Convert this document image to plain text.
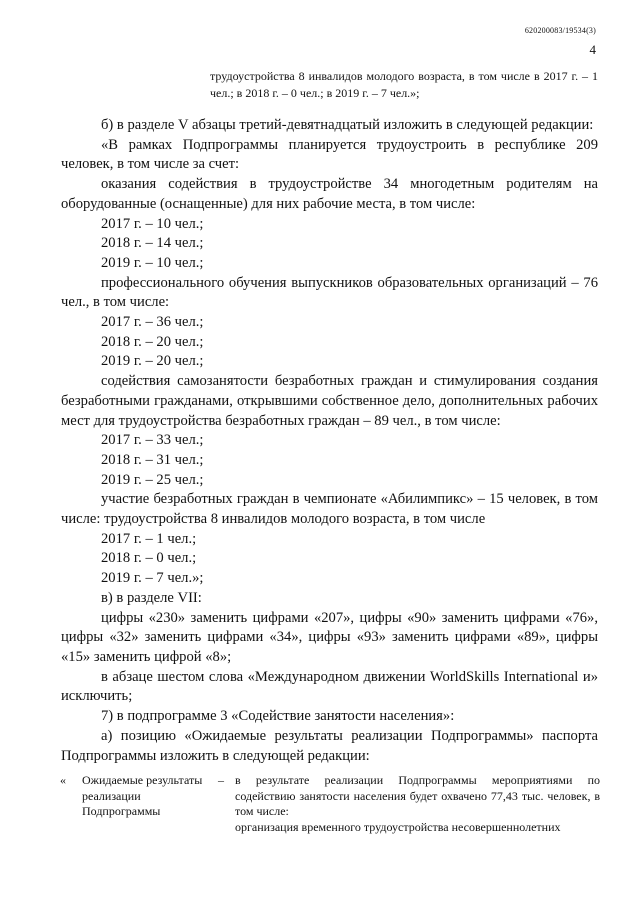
620200083/19534(3)
4
трудоустройства 8 инвалидов молодого возраста, в том числе в 2017 г. – 1 чел.; в 2018 г. – 0 чел.; в 2019 г. – 7 чел.»;

б) в разделе V абзацы третий-девятнадцатый изложить в следующей редакции:

«В рамках Подпрограммы планируется трудоустроить в республике 209 человек, в том числе за счет:

оказания содействия в трудоустройстве 34 многодетным родителям на оборудованные (оснащенные) для них рабочие места, в том числе:

2017 г. – 10 чел.;

2018 г. – 14 чел.;

2019 г. – 10 чел.;

профессионального обучения выпускников образовательных организаций – 76 чел., в том числе:

2017 г. – 36 чел.;

2018 г. – 20 чел.;

2019 г. – 20 чел.;

содействия самозанятости безработных граждан и стимулирования создания безработными гражданами, открывшими собственное дело, дополнительных рабочих мест для трудоустройства безработных граждан – 89 чел., в том числе:

2017 г. – 33 чел.;

2018 г. – 31 чел.;

2019 г. – 25 чел.;

участие безработных граждан в чемпионате «Абилимпикс» – 15 человек, в том числе: трудоустройства 8 инвалидов молодого возраста, в том числе

2017 г. – 1 чел.;

2018 г. – 0 чел.;

2019 г. – 7 чел.»;

в) в разделе VII:

цифры «230» заменить цифрами «207», цифры «90» заменить цифрами «76», цифры «32» заменить цифрами «34», цифры «93» заменить цифрами «89», цифры «15» заменить цифрой «8»;

в абзаце шестом слова «Международном движении WorldSkills International и» исключить;

7) в подпрограмме 3 «Содействие занятости населения»:

а) позицию «Ожидаемые результаты реализации Подпрограммы» паспорта Подпрограммы изложить в следующей редакции:

« Ожидаемые результаты реализации Подпрограммы
– в результате реализации Подпрограммы мероприятиями по содействию занятости населения будет охвачено 77,43 тыс. человек, в том числе:
организация временного трудоустройства несовершеннолетних
